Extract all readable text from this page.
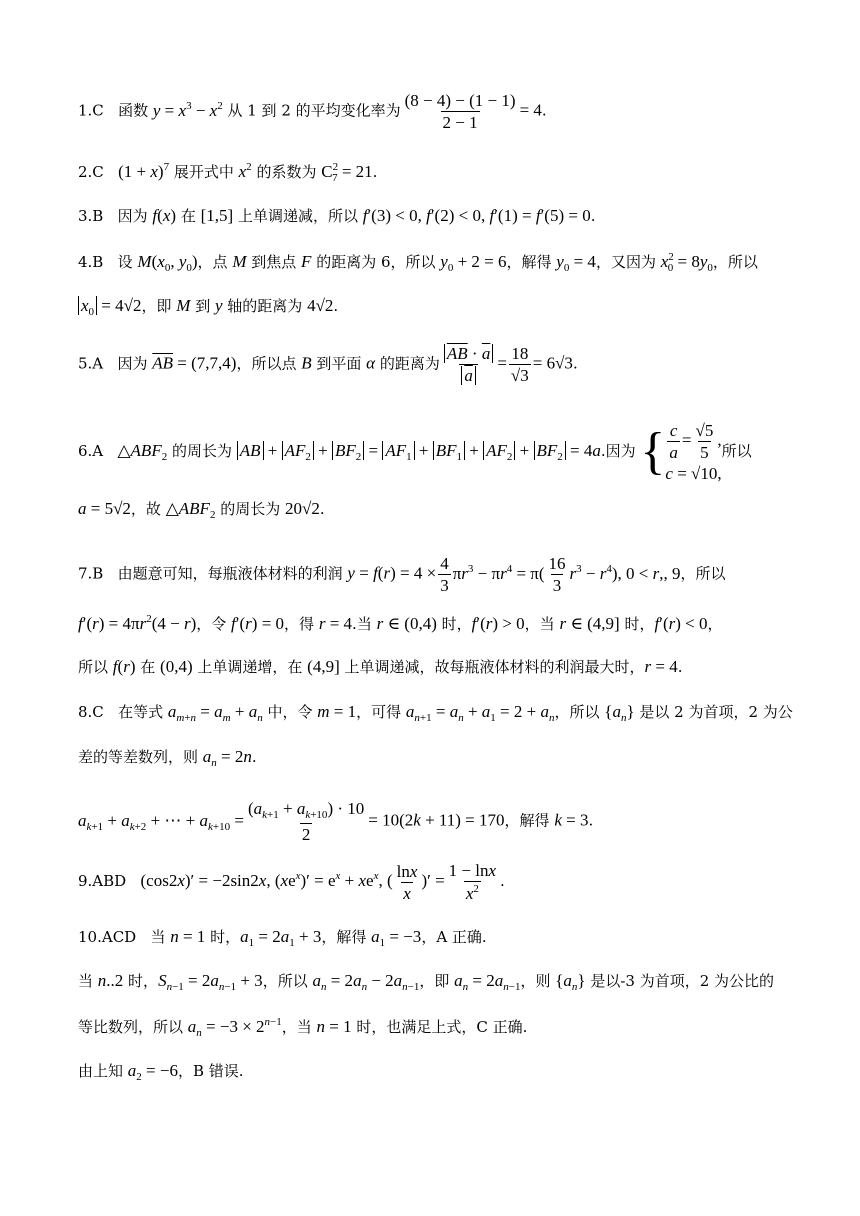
1.C   函数 $y = x^3 - x^2$ 从 1 到 2 的平均变化率为 $\frac{(8 - 4) - (1 - 1)}{2 - 1} = 4$.
2.C $(1 + x)^7$ 展开式中 $x^2$ 的系数为 $C^2_7 = 21$.
3.B   因为 f(x) 在 [1,5] 上单调递减，所以 f′(3) < 0, f′(2) < 0, f′(1) = f′(5) = 0.
4.B   设 $M(x_0$, $y_0$)，点 M 到焦点 F 的距离为 6，所以 $y_0 + 2 = 6$，解得 $y_0 = 4$，又因为 $x^2_0 = 8y_0$，所以
$x_0 = 4√2$，即 M 到 y 轴的距离为 4√2.
5.A   因为 $\overline{AB} = (7,7,4)$，所以点 B 到平面 α 的距离为 $\frac{\overline{AB} \cdot \overline{a}}{a} = \frac{18}{√3} = 6√3$.
6.A $\triangle ABF_2$ 的周长为 AB + $AF_2 + BF_2 = AF_1 + BF_1 + AF_2 + BF_2 = 4a$.因为 { $\frac{c}{a} = \frac{√5}{5}$ ,
c = √10,
所以
a = 5√2，故 $\triangle ABF_2$ 的周长为 20√2.
7.B   由题意可知，每瓶液体材料的利润 $y = f(r) = 4 \times \frac{4}{3} \pi r^3 - \pi r^4 = \pi( \frac{16}{3} r^3 - r^4)$, 0 < r,, 9，所以
$f'(r) = 4\pi r^2(4 - r)$，令 f′(r) = 0，得 r = 4.当 r ∈ (0,4) 时，f′(r) > 0，当 r ∈ (4,9] 时，f′(r) < 0，
所以 f(r) 在 (0,4) 上单调递增，在 (4,9] 上单调递减，故每瓶液体材料的利润最大时，r = 4.
8.C   在等式 $a_{m+n} = a_m + a_n$ 中，令 m = 1，可得 $a_{n+1} = a_n + a_1 = 2 + a_n$，所以 $\{a_n\}$ 是以 2 为首项，2 为公
差的等差数列，则 $a_n = 2n$.
$a_{k+1} + a_{k+2}$ + ⋯ + $a_{k+10} = \frac{(a_{k+1} + a_{k+10}) \cdot 10}{2} = 10(2k + 11) = 170$，解得 k = 3.
9.ABD (cos2x)′ = −2sin2x, $(xe^x)' = e^x + xe^x$, ( $\frac{\ln x}{x}$ )′ = $\frac{1 - \ln x}{x^2}$ .
10.ACD   当 n = 1 时，$a_1 = 2a_1 + 3$，解得 $a_1 = -3$，A 正确.
当 n..2 时，$S_{n-1} = 2a_{n-1} + 3$，所以 $a_n = 2a_n - 2a_{n-1}$，即 $a_n = 2a_{n-1}$，则 $\{a_n\}$ 是以-3 为首项，2 为公比的
等比数列，所以 $a_n = -3 \times 2^{n-1}$，当 n = 1 时，也满足上式，C 正确.
由上知 $a_2 = -6$，B 错误.
